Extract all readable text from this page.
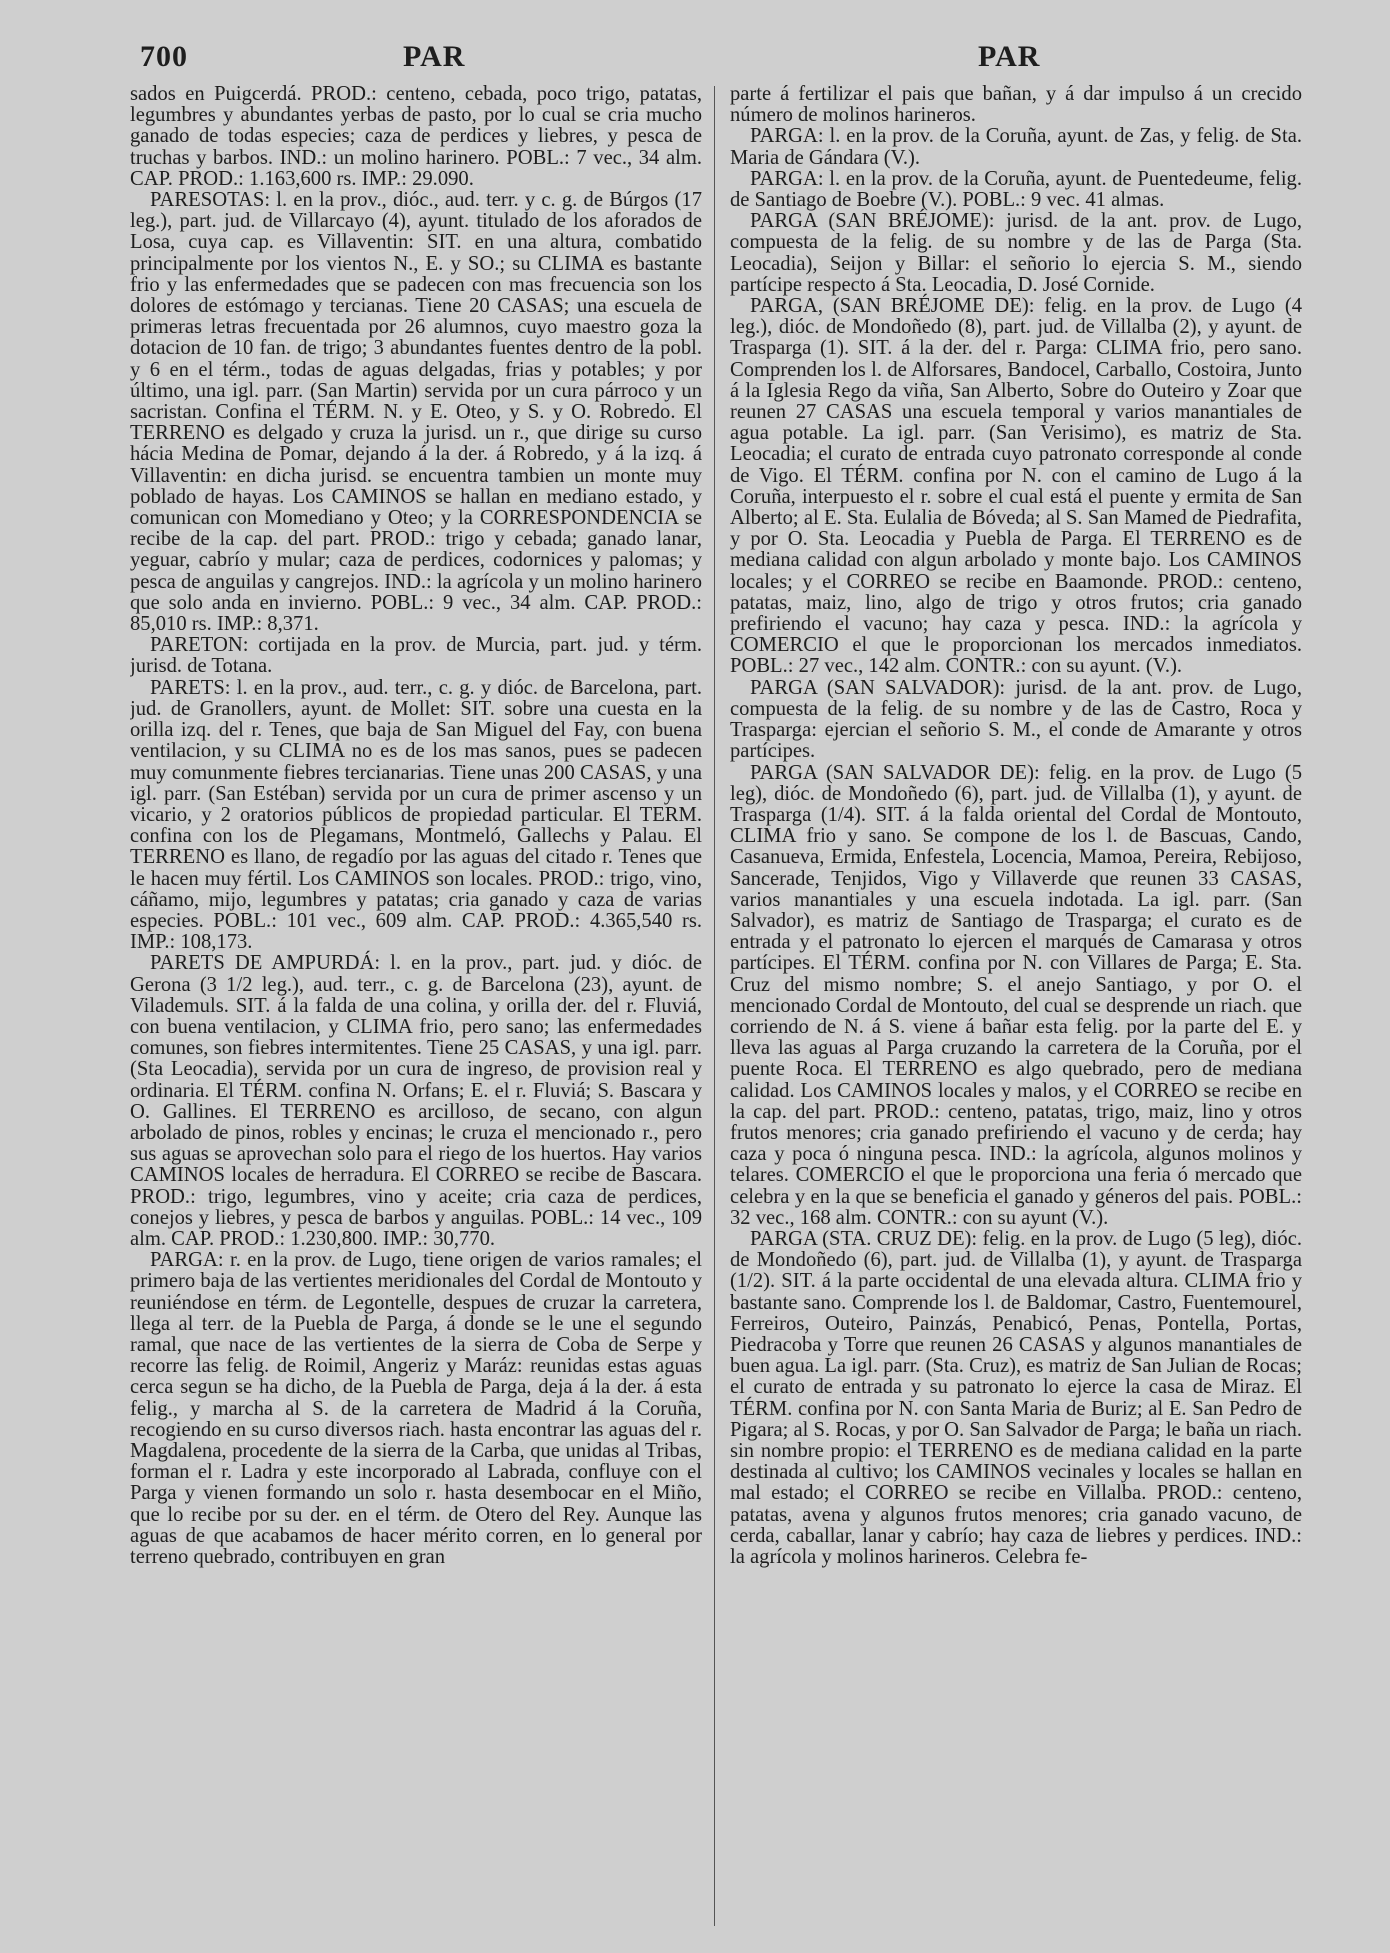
700	PAR	PAR

sados en Puigcerdá. PROD.: centeno, cebada, poco trigo, patatas, legumbres y abundantes yerbas de pasto, por lo cual se cria mucho ganado de todas especies; caza de perdices y liebres, y pesca de truchas y barbos. IND.: un molino harinero. POBL.: 7 vec., 34 alm. CAP. PROD.: 1.163,600 rs. IMP.: 29.090.

PARESOTAS: l. en la prov., dióc., aud. terr. y c. g. de Búrgos (17 leg.), part. jud. de Villarcayo (4), ayunt. titulado de los aforados de Losa, cuya cap. es Villaventin: SIT. en una altura, combatido principalmente por los vientos N., E. y SO.; su CLIMA es bastante frio y las enfermedades que se padecen con mas frecuencia son los dolores de estómago y tercianas. Tiene 20 CASAS; una escuela de primeras letras frecuentada por 26 alumnos, cuyo maestro goza la dotacion de 10 fan. de trigo; 3 abundantes fuentes dentro de la pobl. y 6 en el térm., todas de aguas delgadas, frias y potables; y por último, una igl. parr. (San Martin) servida por un cura párroco y un sacristan. Confina el TÉRM. N. y E. Oteo, y S. y O. Robredo. El TERRENO es delgado y cruza la jurisd. un r., que dirige su curso hácia Medina de Pomar, dejando á la der. á Robredo, y á la izq. á Villaventin: en dicha jurisd. se encuentra tambien un monte muy poblado de hayas. Los CAMINOS se hallan en mediano estado, y comunican con Momediano y Oteo; y la CORRESPONDENCIA se recibe de la cap. del part. PROD.: trigo y cebada; ganado lanar, yeguar, cabrío y mular; caza de perdices, codornices y palomas; y pesca de anguilas y cangrejos. IND.: la agrícola y un molino harinero que solo anda en invierno. POBL.: 9 vec., 34 alm. CAP. PROD.: 85,010 rs. IMP.: 8,371.

PARETON: cortijada en la prov. de Murcia, part. jud. y térm. jurisd. de Totana.

PARETS: l. en la prov., aud. terr., c. g. y dióc. de Barcelona, part. jud. de Granollers, ayunt. de Mollet: SIT. sobre una cuesta en la orilla izq. del r. Tenes, que baja de San Miguel del Fay, con buena ventilacion, y su CLIMA no es de los mas sanos, pues se padecen muy comunmente fiebres tercianarias. Tiene unas 200 CASAS, y una igl. parr. (San Estéban) servida por un cura de primer ascenso y un vicario, y 2 oratorios públicos de propiedad particular. El TERM. confina con los de Plegamans, Montmeló, Gallechs y Palau. El TERRENO es llano, de regadío por las aguas del citado r. Tenes que le hacen muy fértil. Los CAMINOS son locales. PROD.: trigo, vino, cáñamo, mijo, legumbres y patatas; cria ganado y caza de varias especies. POBL.: 101 vec., 609 alm. CAP. PROD.: 4.365,540 rs. IMP.: 108,173.

PARETS DE AMPURDÁ: l. en la prov., part. jud. y dióc. de Gerona (3 1/2 leg.), aud. terr., c. g. de Barcelona (23), ayunt. de Vilademuls. SIT. á la falda de una colina, y orilla der. del r. Fluviá, con buena ventilacion, y CLIMA frio, pero sano; las enfermedades comunes, son fiebres intermitentes. Tiene 25 CASAS, y una igl. parr. (Sta Leocadia), servida por un cura de ingreso, de provision real y ordinaria. El TÉRM. confina N. Orfans; E. el r. Fluviá; S. Bascara y O. Gallines. El TERRENO es arcilloso, de secano, con algun arbolado de pinos, robles y encinas; le cruza el mencionado r., pero sus aguas se aprovechan solo para el riego de los huertos. Hay varios CAMINOS locales de herradura. El CORREO se recibe de Bascara. PROD.: trigo, legumbres, vino y aceite; cria caza de perdices, conejos y liebres, y pesca de barbos y anguilas. POBL.: 14 vec., 109 alm. CAP. PROD.: 1.230,800. IMP.: 30,770.

PARGA: r. en la prov. de Lugo, tiene origen de varios ramales; el primero baja de las vertientes meridionales del Cordal de Montouto y reuniéndose en térm. de Legontelle, despues de cruzar la carretera, llega al terr. de la Puebla de Parga, á donde se le une el segundo ramal, que nace de las vertientes de la sierra de Coba de Serpe y recorre las felig. de Roimil, Angeriz y Maráz: reunidas estas aguas cerca segun se ha dicho, de la Puebla de Parga, deja á la der. á esta felig., y marcha al S. de la carretera de Madrid á la Coruña, recogiendo en su curso diversos riach. hasta encontrar las aguas del r. Magdalena, procedente de la sierra de la Carba, que unidas al Tribas, forman el r. Ladra y este incorporado al Labrada, confluye con el Parga y vienen formando un solo r. hasta desembocar en el Miño, que lo recibe por su der. en el térm. de Otero del Rey. Aunque las aguas de que acabamos de hacer mérito corren, en lo general por terreno quebrado, contribuyen en gran

parte á fertilizar el pais que bañan, y á dar impulso á un crecido número de molinos harineros.

PARGA: l. en la prov. de la Coruña, ayunt. de Zas, y felig. de Sta. Maria de Gándara (V.).

PARGA: l. en la prov. de la Coruña, ayunt. de Puentedeume, felig. de Santiago de Boebre (V.). POBL.: 9 vec. 41 almas.

PARGA (SAN BRÉJOME): jurisd. de la ant. prov. de Lugo, compuesta de la felig. de su nombre y de las de Parga (Sta. Leocadia), Seijon y Billar: el señorio lo ejercia S. M., siendo partícipe respecto á Sta. Leocadia, D. José Cornide.

PARGA, (SAN BRÉJOME DE): felig. en la prov. de Lugo (4 leg.), dióc. de Mondoñedo (8), part. jud. de Villalba (2), y ayunt. de Trasparga (1). SIT. á la der. del r. Parga: CLIMA frio, pero sano. Comprenden los l. de Alforsares, Bandocel, Carballo, Costoira, Junto á la Iglesia Rego da viña, San Alberto, Sobre do Outeiro y Zoar que reunen 27 CASAS una escuela temporal y varios manantiales de agua potable. La igl. parr. (San Verisimo), es matriz de Sta. Leocadia; el curato de entrada cuyo patronato corresponde al conde de Vigo. El TÉRM. confina por N. con el camino de Lugo á la Coruña, interpuesto el r. sobre el cual está el puente y ermita de San Alberto; al E. Sta. Eulalia de Bóveda; al S. San Mamed de Piedrafita, y por O. Sta. Leocadia y Puebla de Parga. El TERRENO es de mediana calidad con algun arbolado y monte bajo. Los CAMINOS locales; y el CORREO se recibe en Baamonde. PROD.: centeno, patatas, maiz, lino, algo de trigo y otros frutos; cria ganado prefiriendo el vacuno; hay caza y pesca. IND.: la agrícola y COMERCIO el que le proporcionan los mercados inmediatos. POBL.: 27 vec., 142 alm. CONTR.: con su ayunt. (V.).

PARGA (SAN SALVADOR): jurisd. de la ant. prov. de Lugo, compuesta de la felig. de su nombre y de las de Castro, Roca y Trasparga: ejercian el señorio S. M., el conde de Amarante y otros partícipes.

PARGA (SAN SALVADOR DE): felig. en la prov. de Lugo (5 leg), dióc. de Mondoñedo (6), part. jud. de Villalba (1), y ayunt. de Trasparga (1/4). SIT. á la falda oriental del Cordal de Montouto, CLIMA frio y sano. Se compone de los l. de Bascuas, Cando, Casanueva, Ermida, Enfestela, Locencia, Mamoa, Pereira, Rebijoso, Sancerade, Tenjidos, Vigo y Villaverde que reunen 33 CASAS, varios manantiales y una escuela indotada. La igl. parr. (San Salvador), es matriz de Santiago de Trasparga; el curato es de entrada y el patronato lo ejercen el marqués de Camarasa y otros partícipes. El TÉRM. confina por N. con Villares de Parga; E. Sta. Cruz del mismo nombre; S. el anejo Santiago, y por O. el mencionado Cordal de Montouto, del cual se desprende un riach. que corriendo de N. á S. viene á bañar esta felig. por la parte del E. y lleva las aguas al Parga cruzando la carretera de la Coruña, por el puente Roca. El TERRENO es algo quebrado, pero de mediana calidad. Los CAMINOS locales y malos, y el CORREO se recibe en la cap. del part. PROD.: centeno, patatas, trigo, maiz, lino y otros frutos menores; cria ganado prefiriendo el vacuno y de cerda; hay caza y poca ó ninguna pesca. IND.: la agrícola, algunos molinos y telares. COMERCIO el que le proporciona una feria ó mercado que celebra y en la que se beneficia el ganado y géneros del pais. POBL.: 32 vec., 168 alm. CONTR.: con su ayunt (V.).

PARGA (STA. CRUZ DE): felig. en la prov. de Lugo (5 leg), dióc. de Mondoñedo (6), part. jud. de Villalba (1), y ayunt. de Trasparga (1/2). SIT. á la parte occidental de una elevada altura. CLIMA frio y bastante sano. Comprende los l. de Baldomar, Castro, Fuentemourel, Ferreiros, Outeiro, Painzás, Penabicó, Penas, Pontella, Portas, Piedracoba y Torre que reunen 26 CASAS y algunos manantiales de buen agua. La igl. parr. (Sta. Cruz), es matriz de San Julian de Rocas; el curato de entrada y su patronato lo ejerce la casa de Miraz. El TÉRM. confina por N. con Santa Maria de Buriz; al E. San Pedro de Pigara; al S. Rocas, y por O. San Salvador de Parga; le baña un riach. sin nombre propio: el TERRENO es de mediana calidad en la parte destinada al cultivo; los CAMINOS vecinales y locales se hallan en mal estado; el CORREO se recibe en Villalba. PROD.: centeno, patatas, avena y algunos frutos menores; cria ganado vacuno, de cerda, caballar, lanar y cabrío; hay caza de liebres y perdices. IND.: la agrícola y molinos harineros. Celebra fe-
